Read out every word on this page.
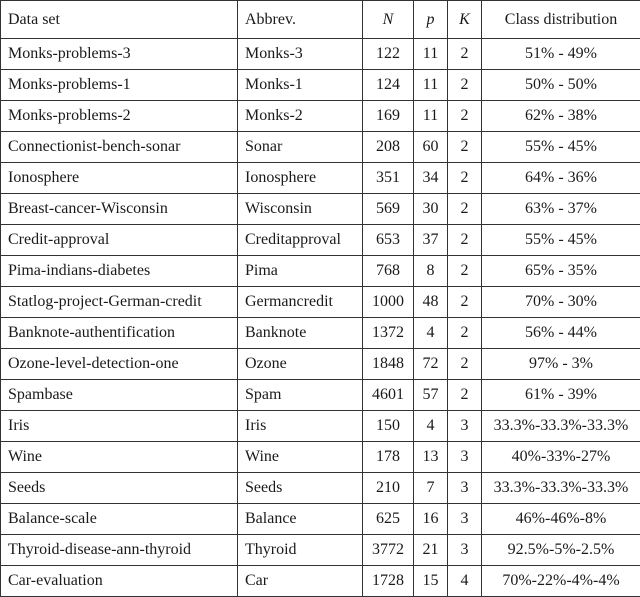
Data set	Abbrev.	N	p	K	Class distribution
Monks-problems-3	Monks-3	122	11	2	51% - 49%
Monks-problems-1	Monks-1	124	11	2	50% - 50%
Monks-problems-2	Monks-2	169	11	2	62% - 38%
Connectionist-bench-sonar	Sonar	208	60	2	55% - 45%
Ionosphere	Ionosphere	351	34	2	64% - 36%
Breast-cancer-Wisconsin	Wisconsin	569	30	2	63% - 37%
Credit-approval	Creditapproval	653	37	2	55% - 45%
Pima-indians-diabetes	Pima	768	8	2	65% - 35%
Statlog-project-German-credit	Germancredit	1000	48	2	70% - 30%
Banknote-authentification	Banknote	1372	4	2	56% - 44%
Ozone-level-detection-one	Ozone	1848	72	2	97% - 3%
Spambase	Spam	4601	57	2	61% - 39%
Iris	Iris	150	4	3	33.3%-33.3%-33.3%
Wine	Wine	178	13	3	40%-33%-27%
Seeds	Seeds	210	7	3	33.3%-33.3%-33.3%
Balance-scale	Balance	625	16	3	46%-46%-8%
Thyroid-disease-ann-thyroid	Thyroid	3772	21	3	92.5%-5%-2.5%
Car-evaluation	Car	1728	15	4	70%-22%-4%-4%
